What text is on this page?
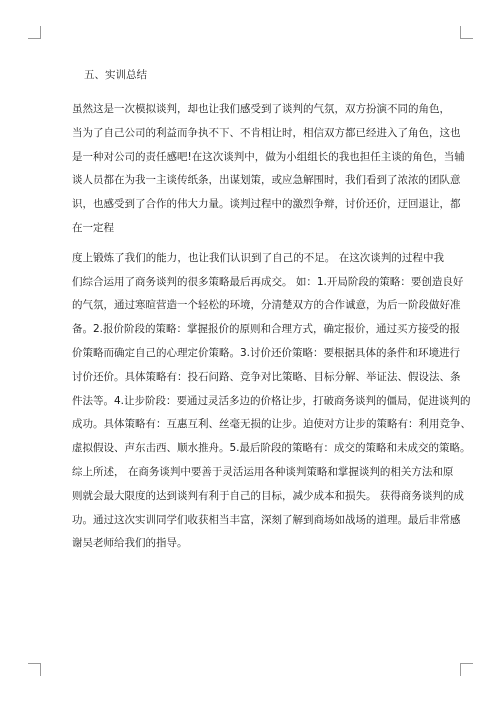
五、实训总结
虽然这是一次模拟谈判，却也让我们感受到了谈判的气氛，双方扮演不同的角色，
当为了自己公司的利益而争执不下、不肯相让时，相信双方都已经进入了角色，这也
是一种对公司的责任感吧!在这次谈判中，做为小组组长的我也担任主谈的角色，当辅
谈人员都在为我一主谈传纸条，出谋划策，或应急解围时，我们看到了浓浓的团队意
识，也感受到了合作的伟大力量。谈判过程中的激烈争辩，讨价还价，迂回退让，都
在一定程
度上锻炼了我们的能力，也让我们认识到了自己的不足。 在这次谈判的过程中我
们综合运用了商务谈判的很多策略最后再成交。 如：1.开局阶段的策略：要创造良好
的气氛，通过寒暄营造一个轻松的环境，分清楚双方的合作诚意，为后一阶段做好准
备。2.报价阶段的策略：掌握报价的原则和合理方式，确定报价，通过买方接受的报
价策略而确定自己的心理定价策略。3.讨价还价策略：要根据具体的条件和环境进行
讨价还价。具体策略有：投石问路、竞争对比策略、目标分解、举证法、假设法、条
件法等。4.让步阶段：要通过灵活多边的价格让步，打破商务谈判的僵局，促进谈判的
成功。具体策略有：互惠互利、丝毫无损的让步。迫使对方让步的策略有：利用竞争、
虚拟假设、声东击西、顺水推舟。5.最后阶段的策略有：成交的策略和未成交的策略。
综上所述， 在商务谈判中要善于灵活运用各种谈判策略和掌握谈判的相关方法和原
则就会最大限度的达到谈判有利于自己的目标，减少成本和损失。 获得商务谈判的成
功。通过这次实训同学们收获相当丰富，深刻了解到商场如战场的道理。最后非常感
谢吴老师给我们的指导。
